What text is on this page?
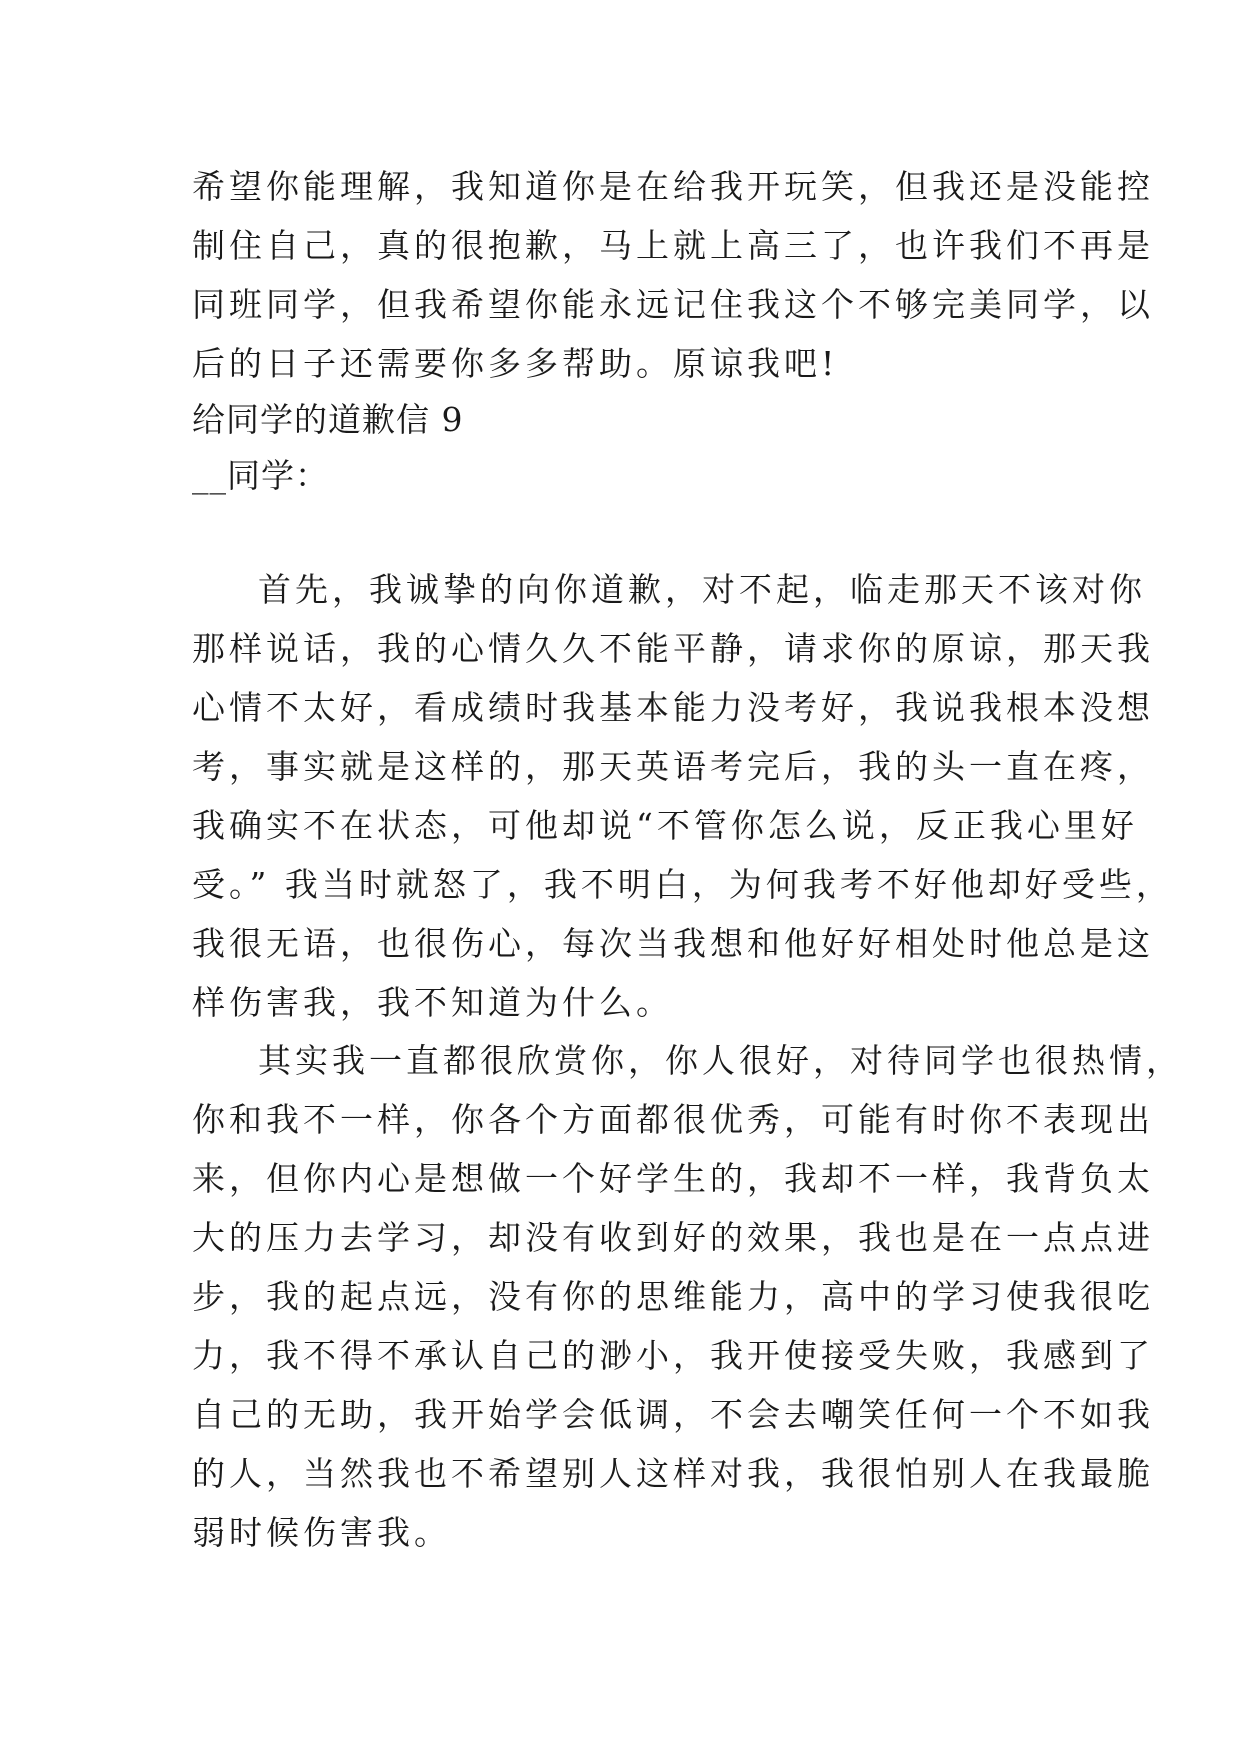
希望你能理解，我知道你是在给我开玩笑，但我还是没能控
制住自己，真的很抱歉，马上就上高三了，也许我们不再是
同班同学，但我希望你能永远记住我这个不够完美同学，以
后的日子还需要你多多帮助。原谅我吧!
给同学的道歉信 9
__同学：
首先，我诚挚的向你道歉，对不起，临走那天不该对你
那样说话，我的心情久久不能平静，请求你的原谅，那天我
心情不太好，看成绩时我基本能力没考好，我说我根本没想
考，事实就是这样的，那天英语考完后，我的头一直在疼，
我确实不在状态，可他却说“不管你怎么说，反正我心里好
受。” 我当时就怒了，我不明白，为何我考不好他却好受些，
我很无语，也很伤心，每次当我想和他好好相处时他总是这
样伤害我，我不知道为什么。
其实我一直都很欣赏你，你人很好，对待同学也很热情，
你和我不一样，你各个方面都很优秀，可能有时你不表现出
来，但你内心是想做一个好学生的，我却不一样，我背负太
大的压力去学习，却没有收到好的效果，我也是在一点点进
步，我的起点远，没有你的思维能力，高中的学习使我很吃
力，我不得不承认自己的渺小，我开使接受失败，我感到了
自己的无助，我开始学会低调，不会去嘲笑任何一个不如我
的人，当然我也不希望别人这样对我，我很怕别人在我最脆
弱时候伤害我。
